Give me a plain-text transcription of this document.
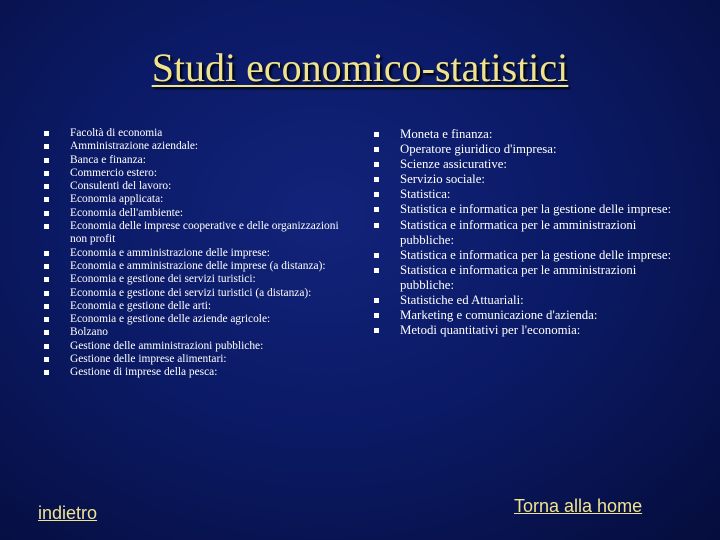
Studi economico-statistici
Facoltà di economia
Amministrazione aziendale:
Banca e finanza:
Commercio estero:
Consulenti del lavoro:
Economia applicata:
Economia dell'ambiente:
Economia delle imprese cooperative e delle organizzazioni non profit
Economia e amministrazione delle imprese:
Economia e amministrazione delle imprese (a distanza):
Economia e gestione dei servizi turistici:
Economia e gestione dei servizi turistici (a distanza):
Economia e gestione delle arti:
Economia e gestione delle aziende agricole:
Bolzano
Gestione delle amministrazioni pubbliche:
Gestione delle imprese alimentari:
Gestione di imprese della pesca:
Moneta e finanza:
Operatore giuridico d'impresa:
Scienze assicurative:
Servizio sociale:
Statistica:
Statistica e informatica per la gestione delle imprese:
Statistica e informatica per le amministrazioni pubbliche:
Statistica e informatica per la gestione delle imprese:
Statistica e informatica per le amministrazioni pubbliche:
Statistiche ed Attuariali:
Marketing e comunicazione d'azienda:
Metodi quantitativi per l'economia:
indietro	Torna alla home
